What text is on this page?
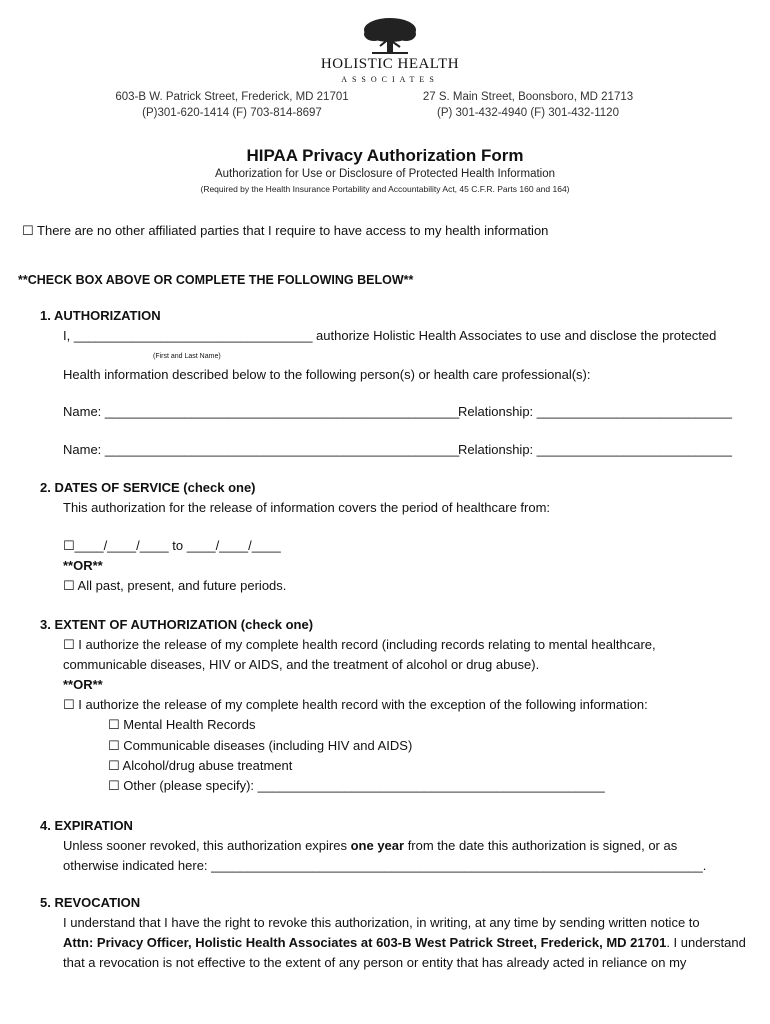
HOLISTIC HEALTH
ASSOCIATES
603-B W. Patrick Street, Frederick, MD 21701
(P)301-620-1414 (F) 703-814-8697
27 S. Main Street, Boonsboro, MD 21713
(P) 301-432-4940 (F) 301-432-1120
HIPAA Privacy Authorization Form
Authorization for Use or Disclosure of Protected Health Information
(Required by the Health Insurance Portability and Accountability Act, 45 C.F.R. Parts 160 and 164)
☐ There are no other affiliated parties that I require to have access to my health information
**CHECK BOX ABOVE OR COMPLETE THE FOLLOWING BELOW**
1. AUTHORIZATION
I, _________________________________ authorize Holistic Health Associates to use and disclose the protected
(First and Last Name)
Health information described below to the following person(s) or health care professional(s):
Name: _________________________________________________
Relationship: ___________________________
Name: _________________________________________________
Relationship: ___________________________
2. DATES OF SERVICE (check one)
This authorization for the release of information covers the period of healthcare from:
☐____/____/____ to ____/____/____
**OR**
☐ All past, present, and future periods.
3. EXTENT OF AUTHORIZATION (check one)
☐ I authorize the release of my complete health record (including records relating to mental healthcare,
communicable diseases, HIV or AIDS, and the treatment of alcohol or drug abuse).
**OR**
☐ I authorize the release of my complete health record with the exception of the following information:
☐ Mental Health Records
☐ Communicable diseases (including HIV and AIDS)
☐ Alcohol/drug abuse treatment
☐ Other (please specify): ________________________________________________
4. EXPIRATION
Unless sooner revoked, this authorization expires one year from the date this authorization is signed, or as
otherwise indicated here: ____________________________________________________________________.
5. REVOCATION
I understand that I have the right to revoke this authorization, in writing, at any time by sending written notice to
Attn: Privacy Officer, Holistic Health Associates at 603-B West Patrick Street, Frederick, MD 21701. I understand
that a revocation is not effective to the extent of any person or entity that has already acted in reliance on my
